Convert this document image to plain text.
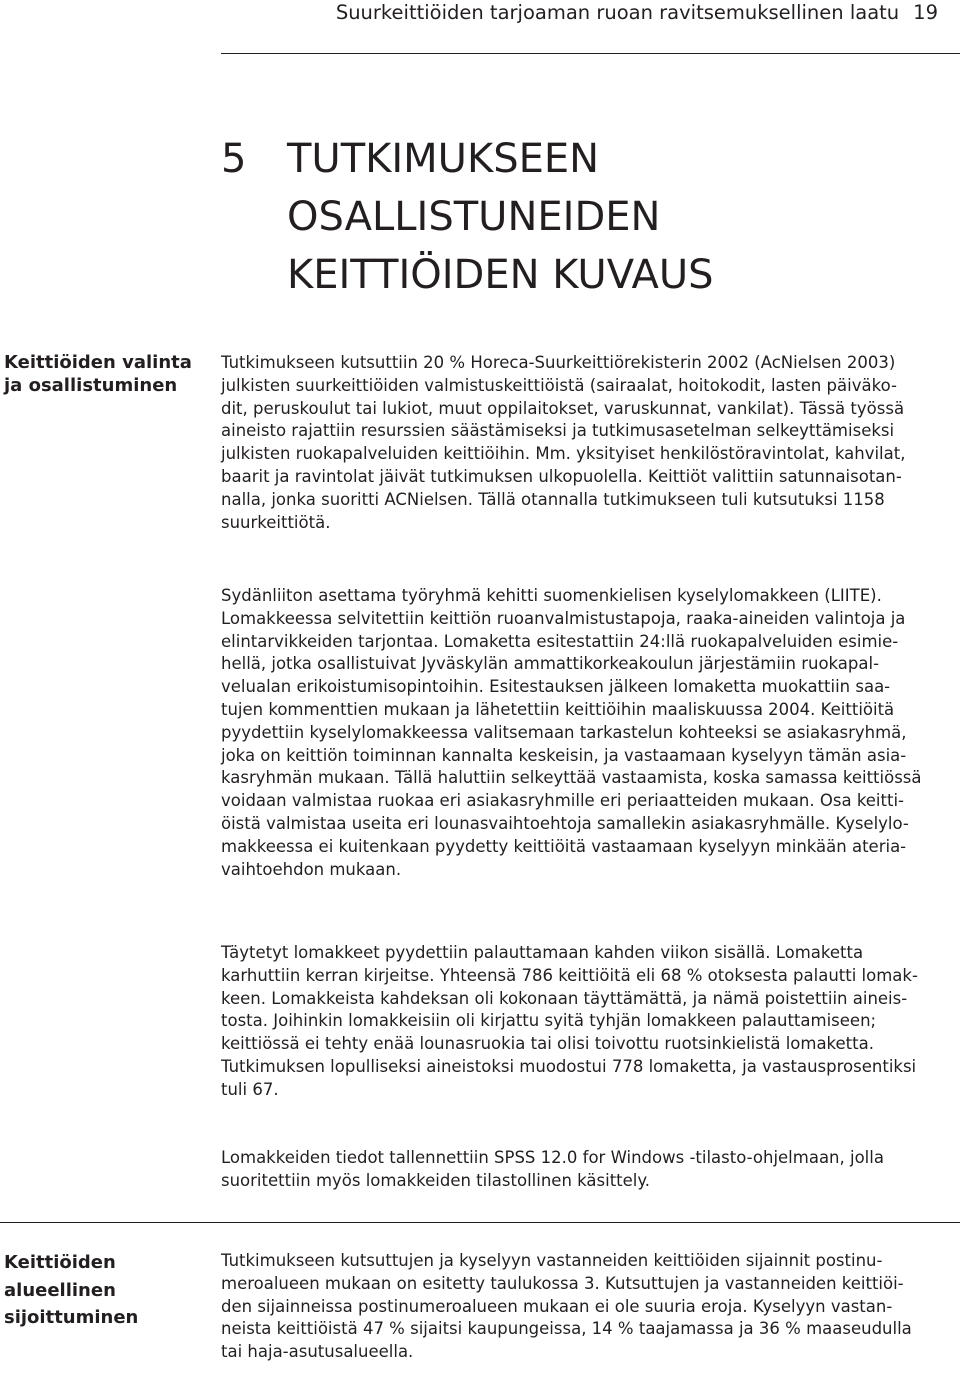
Suurkeittiöiden tarjoaman ruoan ravitsemuksellinen laatu 19
5 TUTKIMUKSEEN
OSALLISTUNEIDEN
KEITTIÖIDEN KUVAUS
Keittiöiden valinta
ja osallistuminen
Tutkimukseen kutsuttiin 20 % Horeca-Suurkeittiörekisterin 2002 (AcNielsen 2003)
julkisten suurkeittiöiden valmistuskeittiöistä (sairaalat, hoitokodit, lasten päiväko-
dit, peruskoulut tai lukiot, muut oppilaitokset, varuskunnat, vankilat). Tässä työssä
aineisto rajattiin resurssien säästämiseksi ja tutkimusasetelman selkeyttämiseksi
julkisten ruokapalveluiden keittiöihin. Mm. yksityiset henkilöstöravintolat, kahvilat,
baarit ja ravintolat jäivät tutkimuksen ulkopuolella. Keittiöt valittiin satunnaisotan-
nalla, jonka suoritti ACNielsen. Tällä otannalla tutkimukseen tuli kutsutuksi 1158
suurkeittiötä.
Sydänliiton asettama työryhmä kehitti suomenkielisen kyselylomakkeen (LIITE).
Lomakkeessa selvitettiin keittiön ruoanvalmistustapoja, raaka-aineiden valintoja ja
elintarvikkeiden tarjontaa. Lomaketta esitestattiin 24:llä ruokapalveluiden esimie-
hellä, jotka osallistuivat Jyväskylän ammattikorkeakoulun järjestämiin ruokapal-
velualan erikoistumisopintoihin. Esitestauksen jälkeen lomaketta muokattiin saa-
tujen kommenttien mukaan ja lähetettiin keittiöihin maaliskuussa 2004. Keittiöitä
pyydettiin kyselylomakkeessa valitsemaan tarkastelun kohteeksi se asiakasryhmä,
joka on keittiön toiminnan kannalta keskeisin, ja vastaamaan kyselyyn tämän asia-
kasryhmän mukaan. Tällä haluttiin selkeyttää vastaamista, koska samassa keittiössä
voidaan valmistaa ruokaa eri asiakasryhmille eri periaatteiden mukaan. Osa keitti-
öistä valmistaa useita eri lounasvaihtoehtoja samallekin asiakasryhmälle. Kyselylo-
makkeessa ei kuitenkaan pyydetty keittiöitä vastaamaan kyselyyn minkään ateria-
vaihtoehdon mukaan.
Täytetyt lomakkeet pyydettiin palauttamaan kahden viikon sisällä. Lomaketta
karhuttiin kerran kirjeitse. Yhteensä 786 keittiöitä eli 68 % otoksesta palautti lomak-
keen. Lomakkeista kahdeksan oli kokonaan täyttämättä, ja nämä poistettiin aineis-
tosta. Joihinkin lomakkeisiin oli kirjattu syitä tyhjän lomakkeen palauttamiseen;
keittiössä ei tehty enää lounasruokia tai olisi toivottu ruotsinkielistä lomaketta.
Tutkimuksen lopulliseksi aineistoksi muodostui 778 lomaketta, ja vastausprosentiksi
tuli 67.
Lomakkeiden tiedot tallennettiin SPSS 12.0 for Windows -tilasto-ohjelmaan, jolla
suoritettiin myös lomakkeiden tilastollinen käsittely.
Keittiöiden
alueellinen
sijoittuminen
Tutkimukseen kutsuttujen ja kyselyyn vastanneiden keittiöiden sijainnit postinu-
meroalueen mukaan on esitetty taulukossa 3. Kutsuttujen ja vastanneiden keittiöi-
den sijainneissa postinumeroalueen mukaan ei ole suuria eroja. Kyselyyn vastan-
neista keittiöistä 47 % sijaitsi kaupungeissa, 14 % taajamassa ja 36 % maaseudulla
tai haja-asutusalueella.
